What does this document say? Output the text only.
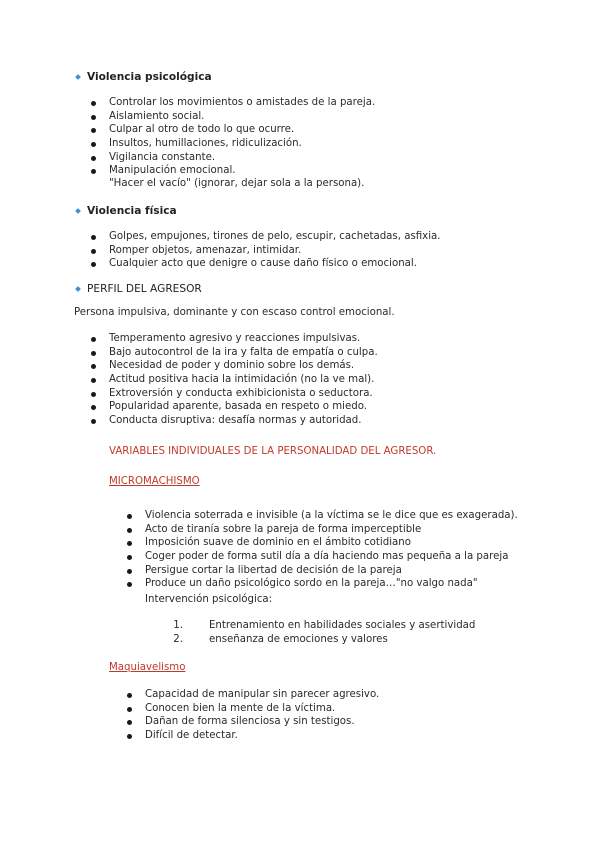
Violencia psicológica
Controlar los movimientos o amistades de la pareja.
Aislamiento social.
Culpar al otro de todo lo que ocurre.
Insultos, humillaciones, ridiculización.
Vigilancia constante.
Manipulación emocional.
"Hacer el vacío" (ignorar, dejar sola a la persona).
Violencia física
Golpes, empujones, tirones de pelo, escupir, cachetadas, asfixia.
Romper objetos, amenazar, intimidar.
Cualquier acto que denigre o cause daño físico o emocional.
PERFIL DEL AGRESOR
Persona impulsiva, dominante y con escaso control emocional.
Temperamento agresivo y reacciones impulsivas.
Bajo autocontrol de la ira y falta de empatía o culpa.
Necesidad de poder y dominio sobre los demás.
Actitud positiva hacia la intimidación (no la ve mal).
Extroversión y conducta exhibicionista o seductora.
Popularidad aparente, basada en respeto o miedo.
Conducta disruptiva: desafía normas y autoridad.
VARIABLES INDIVIDUALES DE LA PERSONALIDAD DEL AGRESOR.
MICROMACHISMO
Violencia soterrada e invisible (a la víctima se le dice que es exagerada).
Acto de tiranía sobre la pareja de forma imperceptible
Imposición suave de dominio en el ámbito cotidiano
Coger poder de forma sutil día a día haciendo mas pequeña a la pareja
Persigue cortar la libertad de decisión de la pareja
Produce un daño psicológico sordo en la pareja…"no valgo nada"
Intervención psicológica:
1.	Entrenamiento en habilidades sociales y asertividad
2.	enseñanza de emociones y valores
Maquiavelismo
Capacidad de manipular sin parecer agresivo.
Conocen bien la mente de la víctima.
Dañan de forma silenciosa y sin testigos.
Difícil de detectar.
